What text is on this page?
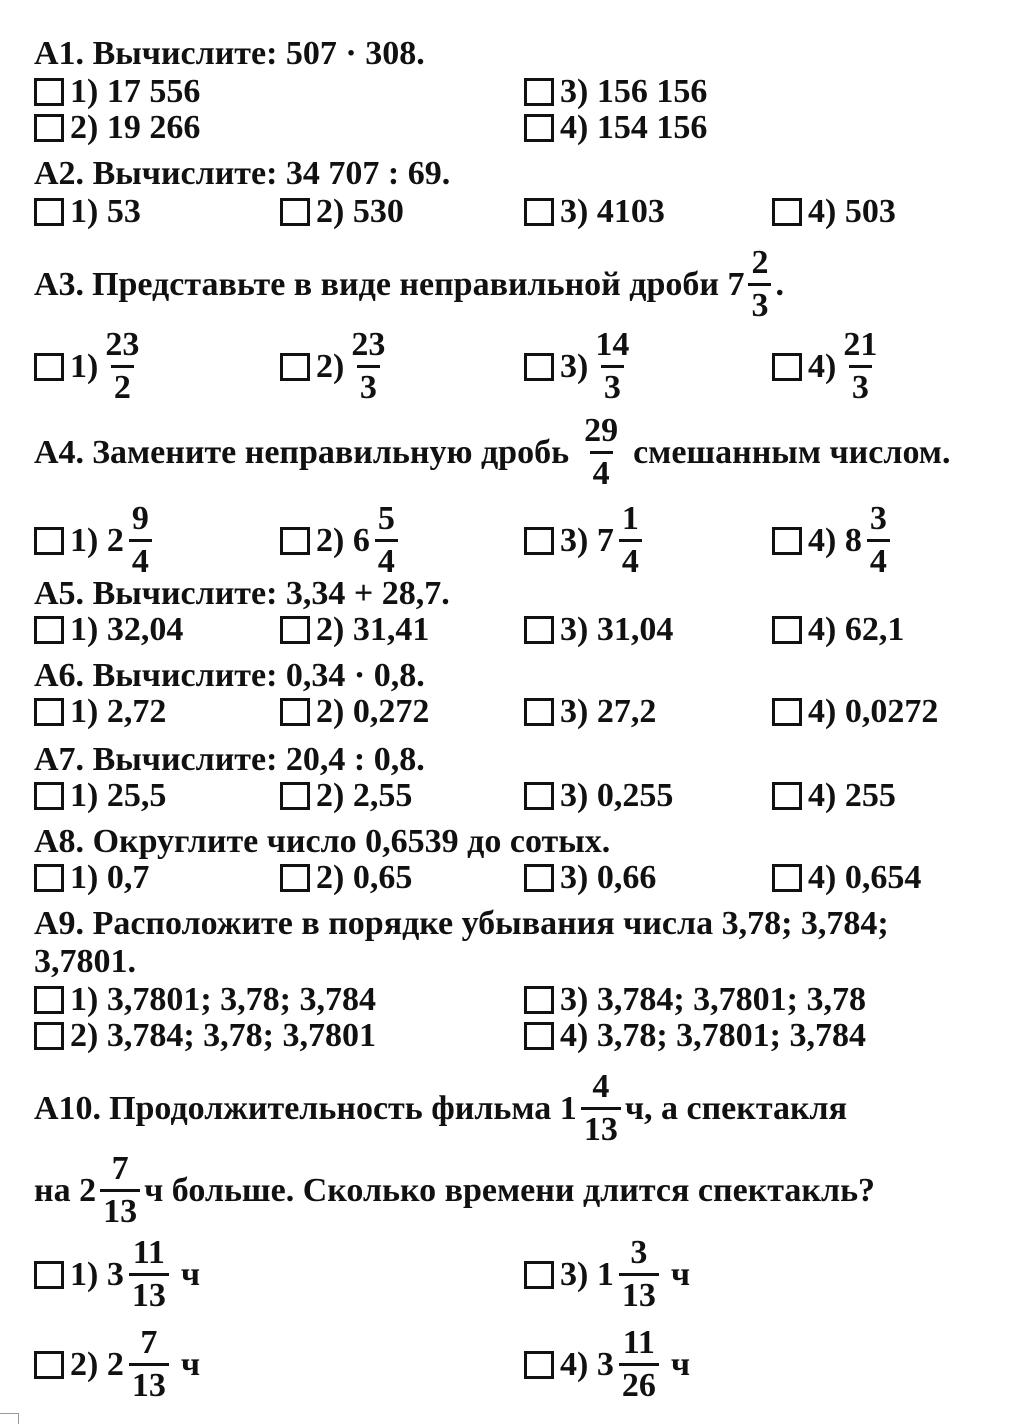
А1. Вычислите: 507 · 308.
1) 17 556
2) 19 266
3) 156 156
4) 154 156
А2. Вычислите: 34 707 : 69.
1) 53	2) 530	3) 4103	4) 503
А3. Представьте в виде неправильной дроби $7 \frac{2}{3}$ .
$1) \frac{23}{2}$	$2) \frac{23}{3}$	$3) \frac{14}{3}$	$4) \frac{21}{3}$
А4. Замените неправильную дробь $\frac{29}{4}$ смешанным числом.
1) $2 \frac{9}{4}$	2) $6 \frac{5}{4}$	3) $7 \frac{1}{4}$	4) $8 \frac{3}{4}$
А5. Вычислите: 3,34 + 28,7.
1) 32,04	2) 31,41	3) 31,04	4) 62,1
А6. Вычислите: 0,34 · 0,8.
1) 2,72	2) 0,272	3) 27,2	4) 0,0272
А7. Вычислите: 20,4 : 0,8.
1) 25,5	2) 2,55	3) 0,255	4) 255
А8. Округлите число 0,6539 до сотых.
1) 0,7	2) 0,65	3) 0,66	4) 0,654
А9. Расположите в порядке убывания числа 3,78; 3,784;
3,7801.
1) 3,7801; 3,78; 3,784
2) 3,784; 3,78; 3,7801
3) 3,784; 3,7801; 3,78
4) 3,78; 3,7801; 3,784
А10. Продолжительность фильма $1 \frac{4}{13} ч$, а спектакля
на $2 \frac{7}{13}$ ч больше. Сколько времени длится спектакль?
1) $3 \frac{11}{13}$ ч
2) $2 \frac{7}{13}$ ч
3) $1 \frac{3}{13}$ ч
4) $3 \frac{11}{26}$ ч
